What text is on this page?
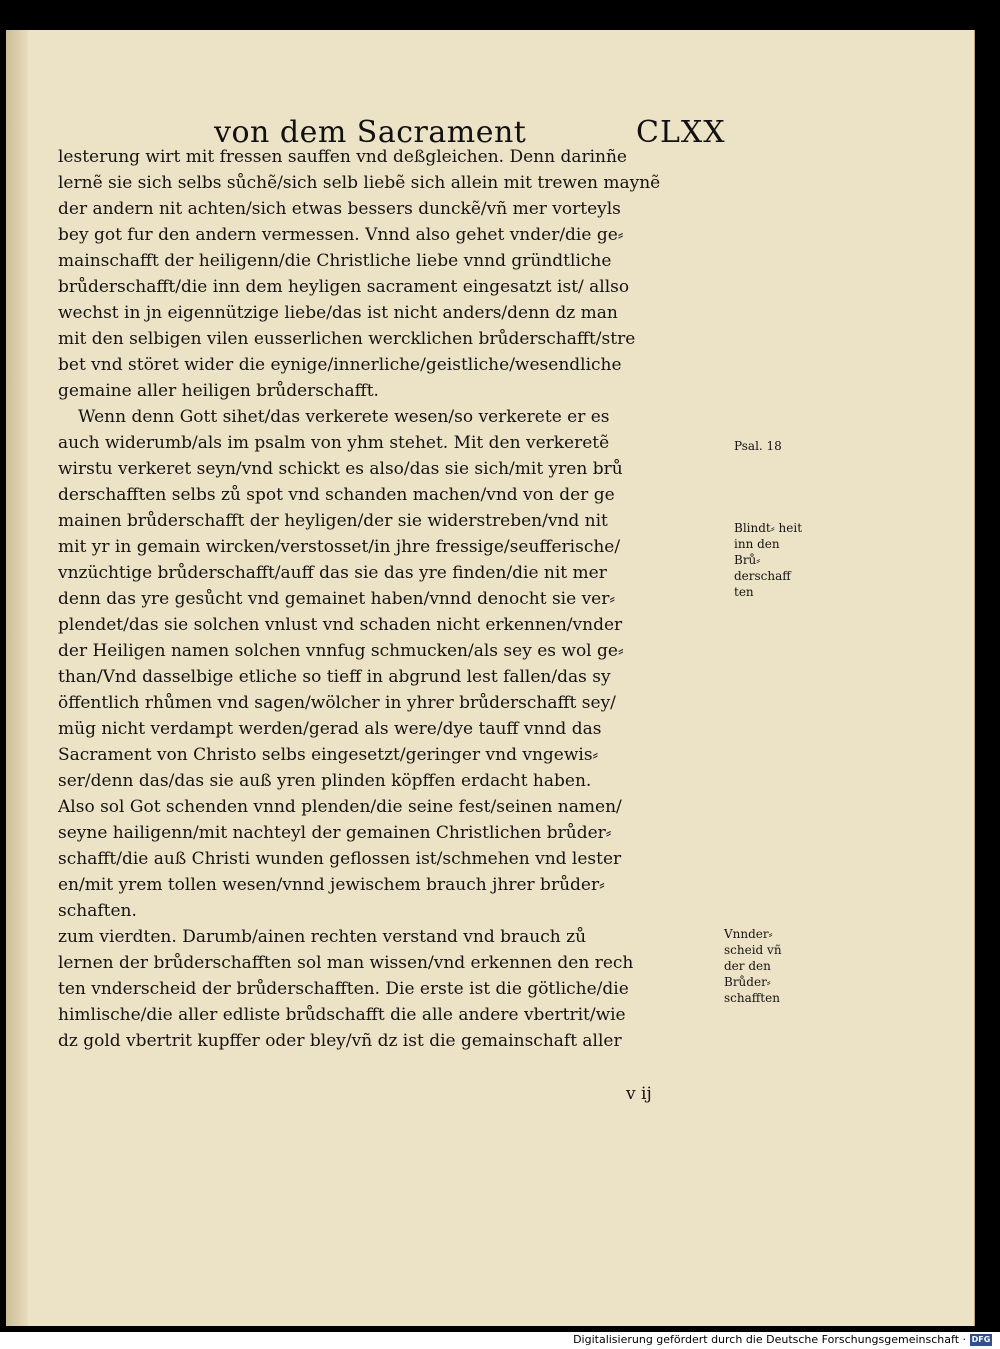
von dem Sacrament	CLXX
lesterung wirt mit fressen sauffen vnd deßgleichen. Denn darinñe
lernẽ sie sich selbs sůchẽ/sich selb liebẽ sich allein mit trewen maynẽ
der andern nit achten/sich etwas bessers dunckẽ/vñ mer vorteyls
bey got fur den andern vermessen. Vnnd also gehet vnder/die ge⸗
mainschafft der heiligenn/die Christliche liebe vnnd gründtliche
brůderschafft/die inn dem heyligen sacrament eingesatzt ist/ allso
wechst in jn eigennützige liebe/das ist nicht anders/denn dz man
mit den selbigen vilen eusserlichen wercklichen brůderschafft/stre
bet vnd störet wider die eynige/innerliche/geistliche/wesendliche
gemaine aller heiligen brůderschafft.
Wenn denn Gott sihet/das verkerete wesen/so verkerete er es
auch widerumb/als im psalm von yhm stehet. Mit den verkeretẽ
wirstu verkeret seyn/vnd schickt es also/das sie sich/mit yren brů
derschafften selbs zů spot vnd schanden machen/vnd von der ge
mainen brůderschafft der heyligen/der sie widerstreben/vnd nit
mit yr in gemain wircken/verstosset/in jhre fressige/seufferische/
vnzüchtige brůderschafft/auff das sie das yre finden/die nit mer
denn das yre gesůcht vnd gemainet haben/vnnd denocht sie ver⸗
plendet/das sie solchen vnlust vnd schaden nicht erkennen/vnder
der Heiligen namen solchen vnnfug schmucken/als sey es wol ge⸗
than/Vnd dasselbige etliche so tieff in abgrund lest fallen/das sy
öffentlich rhůmen vnd sagen/wölcher in yhrer brůderschafft sey/
müg nicht verdampt werden/gerad als were/dye tauff vnnd das
Sacrament von Christo selbs eingesetzt/geringer vnd vngewis⸗
ser/denn das/das sie auß yren plinden köpffen erdacht haben.
Also sol Got schenden vnnd plenden/die seine fest/seinen namen/
seyne hailigenn/mit nachteyl der gemainen Christlichen brůder⸗
schafft/die auß Christi wunden geflossen ist/schmehen vnd lester
en/mit yrem tollen wesen/vnnd jewischem brauch jhrer brůder⸗
schaften.
zum vierdten. Darumb/ainen rechten verstand vnd brauch zů
lernen der brůderschafften sol man wissen/vnd erkennen den rech
ten vnderscheid der brůderschafften. Die erste ist die götliche/die
himlische/die aller edliste brůdschafft die alle andere vbertrit/wie
dz gold vbertrit kupffer oder bley/vñ dz ist die gemainschaft aller
Psal. 18
Blindt⸗ heit inn den Brů⸗ derschaff ten
Vnnder⸗ scheid vñ der den Brůder⸗ schafften
v ij
Digitalisierung gefördert durch die Deutsche Forschungsgemeinschaft · DFG
